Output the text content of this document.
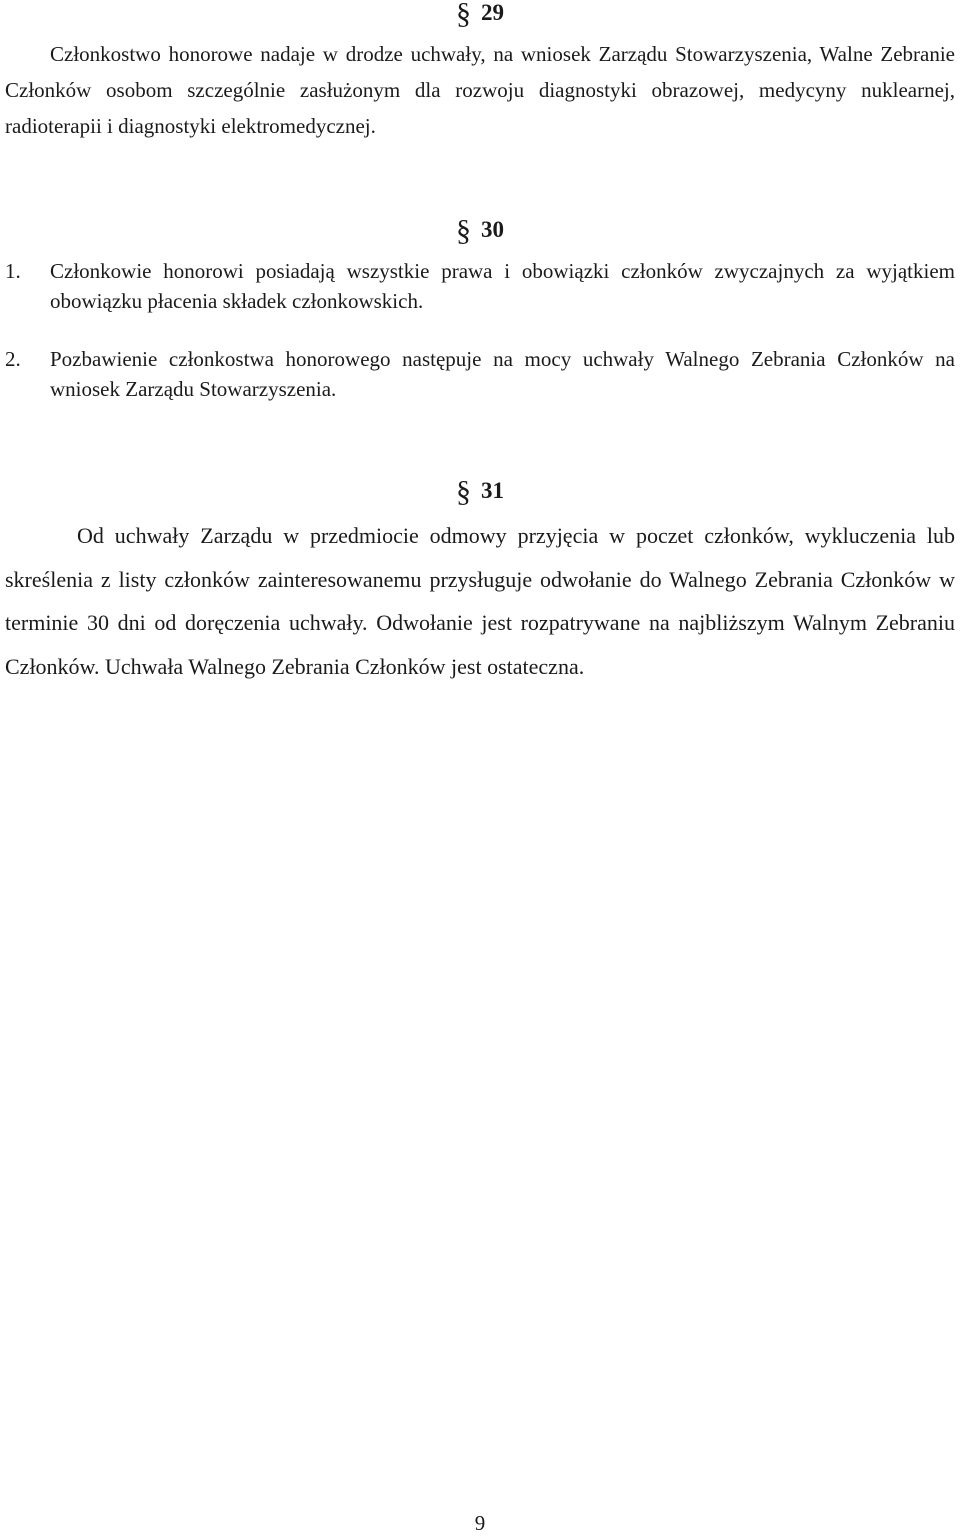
§ 29

Członkostwo honorowe nadaje w drodze uchwały, na wniosek Zarządu Stowarzyszenia, Walne Zebranie Członków osobom szczególnie zasłużonym dla rozwoju diagnostyki obrazowej, medycyny nuklearnej, radioterapii i diagnostyki elektromedycznej.

§ 30
1. Członkowie honorowi posiadają wszystkie prawa i obowiązki członków zwyczajnych za wyjątkiem obowiązku płacenia składek członkowskich.
2. Pozbawienie członkostwa honorowego następuje na mocy uchwały Walnego Zebrania Członków na wniosek Zarządu Stowarzyszenia.
§ 31

Od uchwały Zarządu w przedmiocie odmowy przyjęcia w poczet członków, wykluczenia lub skreślenia z listy członków zainteresowanemu przysługuje odwołanie do Walnego Zebrania Członków w terminie 30 dni od doręczenia uchwały. Odwołanie jest rozpatrywane na najbliższym Walnym Zebraniu Członków. Uchwała Walnego Zebrania Członków jest ostateczna.

9
